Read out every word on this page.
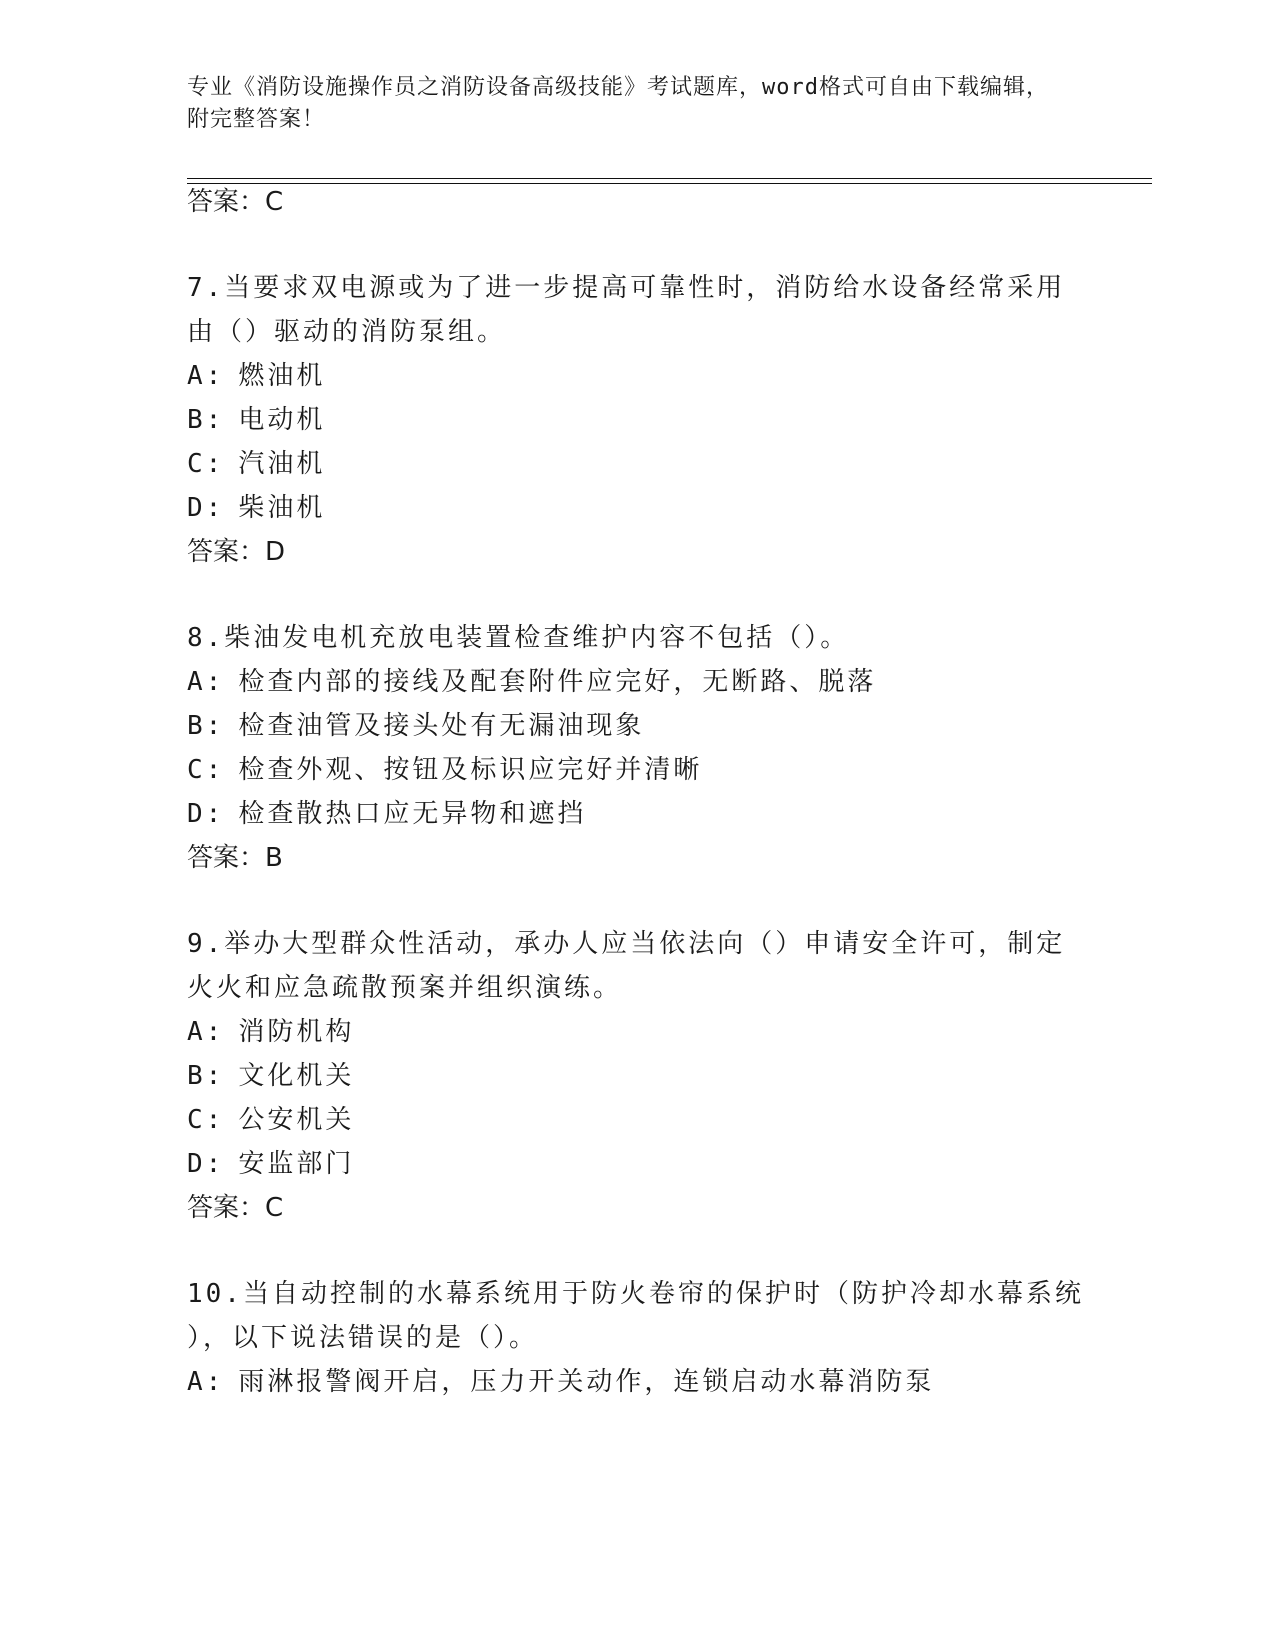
专业《消防设施操作员之消防设备高级技能》考试题库，word格式可自由下载编辑，附完整答案！
答案：C
7.当要求双电源或为了进一步提高可靠性时，消防给水设备经常采用
由（）驱动的消防泵组。
A: 燃油机
B: 电动机
C: 汽油机
D: 柴油机
答案：D
8.柴油发电机充放电装置检查维护内容不包括（）。
A: 检查内部的接线及配套附件应完好，无断路、脱落
B: 检查油管及接头处有无漏油现象
C: 检查外观、按钮及标识应完好并清晰
D: 检查散热口应无异物和遮挡
答案：B
9.举办大型群众性活动，承办人应当依法向（）申请安全许可，制定
火火和应急疏散预案并组织演练。
A: 消防机构
B: 文化机关
C: 公安机关
D: 安监部门
答案：C
10.当自动控制的水幕系统用于防火卷帘的保护时（防护冷却水幕系统
），以下说法错误的是（）。
A: 雨淋报警阀开启，压力开关动作，连锁启动水幕消防泵
